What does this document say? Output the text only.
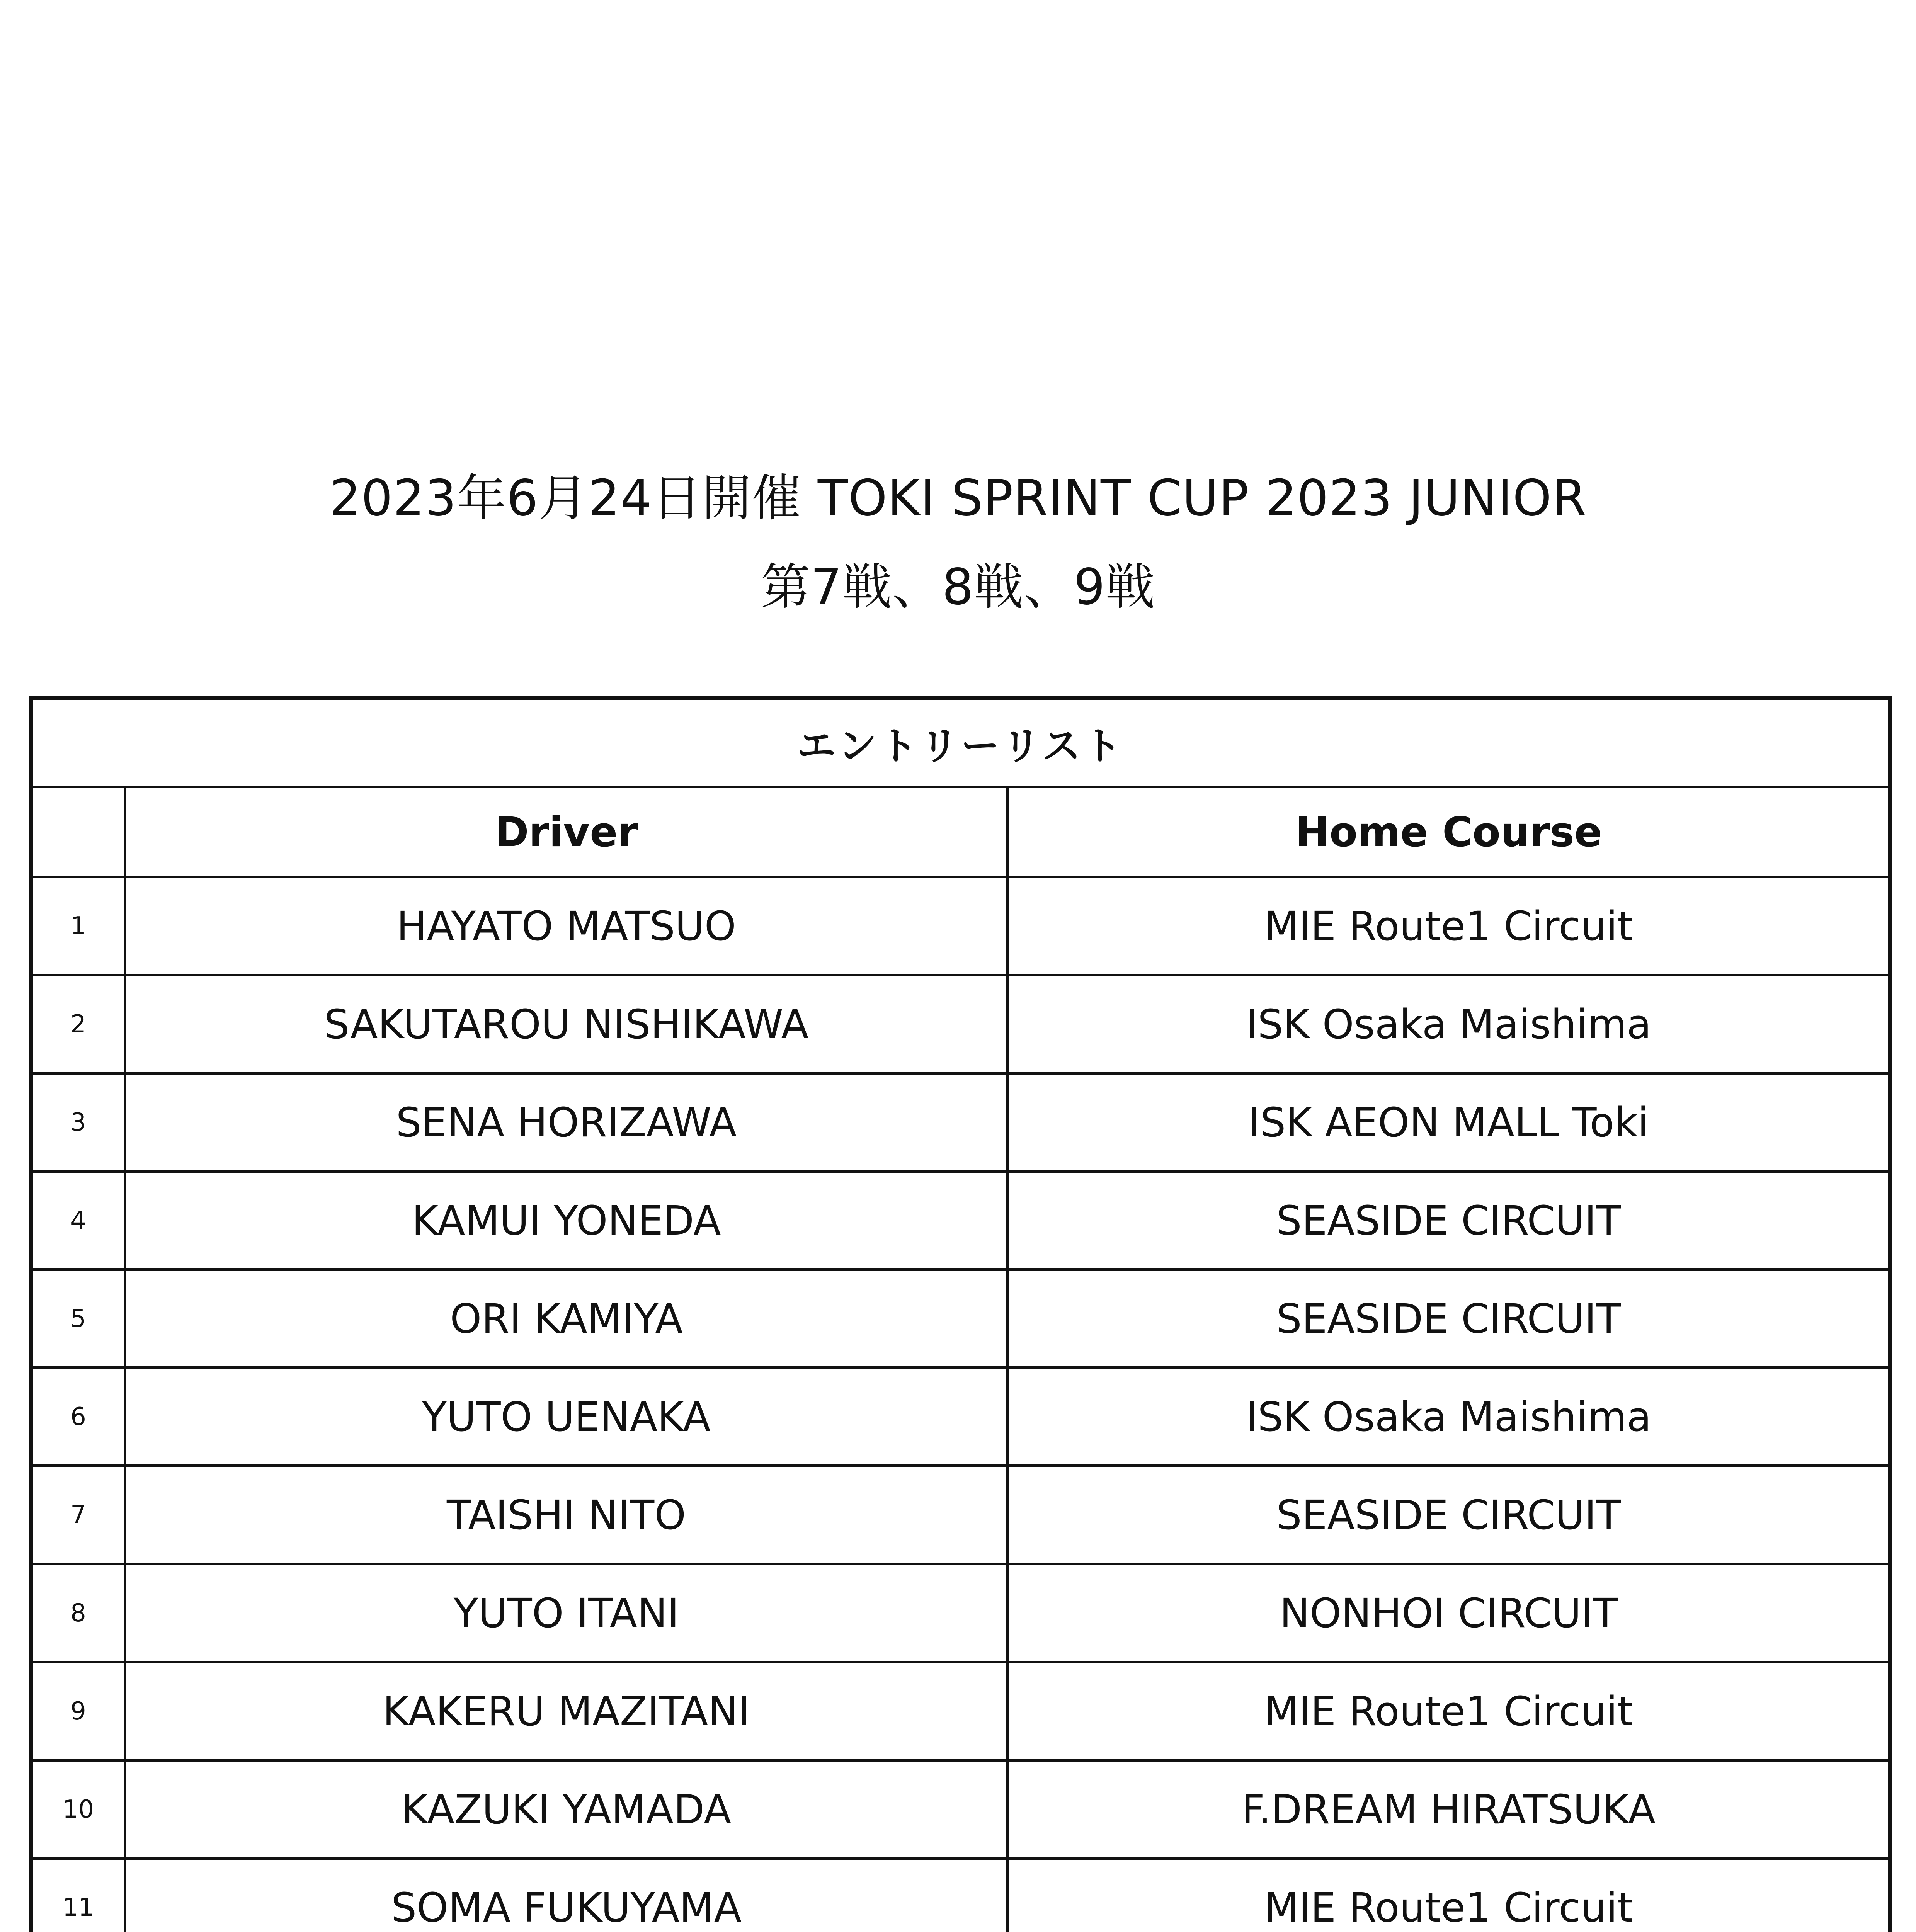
2023年6月24日開催 TOKI SPRINT CUP 2023 JUNIOR
第7戦、8戦、9戦
エントリーリスト		
	Driver	Home Course
1	HAYATO MATSUO	MIE Route1 Circuit
2	SAKUTAROU NISHIKAWA	ISK Osaka Maishima
3	SENA HORIZAWA	ISK AEON MALL Toki
4	KAMUI YONEDA	SEASIDE CIRCUIT
5	ORI KAMIYA	SEASIDE CIRCUIT
6	YUTO UENAKA	ISK Osaka Maishima
7	TAISHI NITO	SEASIDE CIRCUIT
8	YUTO ITANI	NONHOI CIRCUIT
9	KAKERU MAZITANI	MIE Route1 Circuit
10	KAZUKI YAMADA	F.DREAM HIRATSUKA
11	SOMA FUKUYAMA	MIE Route1 Circuit
